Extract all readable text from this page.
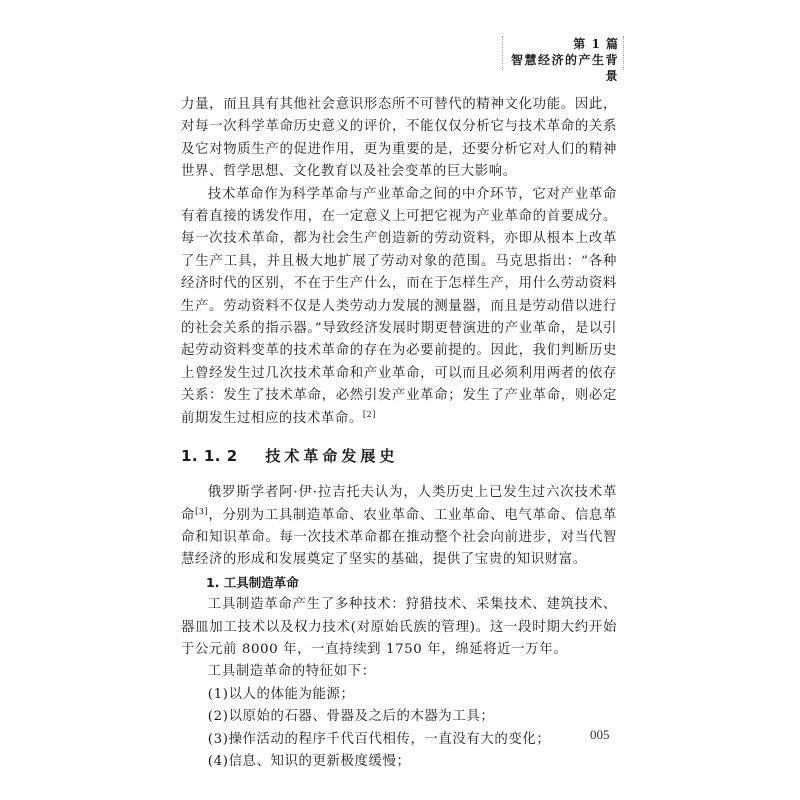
第 1 篇
智慧经济的产生背景

力量，而且具有其他社会意识形态所不可替代的精神文化功能。因此，对每一次科学革命历史意义的评价，不能仅仅分析它与技术革命的关系及它对物质生产的促进作用，更为重要的是，还要分析它对人们的精神世界、哲学思想、文化教育以及社会变革的巨大影响。

技术革命作为科学革命与产业革命之间的中介环节，它对产业革命有着直接的诱发作用，在一定意义上可把它视为产业革命的首要成分。每一次技术革命，都为社会生产创造新的劳动资料，亦即从根本上改革了生产工具，并且极大地扩展了劳动对象的范围。马克思指出：“各种经济时代的区别，不在于生产什么，而在于怎样生产，用什么劳动资料生产。劳动资料不仅是人类劳动力发展的测量器，而且是劳动借以进行的社会关系的指示器。”导致经济发展时期更替演进的产业革命，是以引起劳动资料变革的技术革命的存在为必要前提的。因此，我们判断历史上曾经发生过几次技术革命和产业革命，可以而且必须利用两者的依存关系：发生了技术革命，必然引发产业革命；发生了产业革命，则必定前期发生过相应的技术革命。[2]

1. 1. 2 技术革命发展史

俄罗斯学者阿·伊·拉吉托夫认为，人类历史上已发生过六次技术革命[3]，分别为工具制造革命、农业革命、工业革命、电气革命、信息革命和知识革命。每一次技术革命都在推动整个社会向前进步，对当代智慧经济的形成和发展奠定了坚实的基础，提供了宝贵的知识财富。

1. 工具制造革命

工具制造革命产生了多种技术：狩猎技术、采集技术、建筑技术、器皿加工技术以及权力技术(对原始氏族的管理)。这一段时期大约开始于公元前 8000 年，一直持续到 1750 年，绵延将近一万年。

工具制造革命的特征如下：

(1)以人的体能为能源；

(2)以原始的石器、骨器及之后的木器为工具；

(3)操作活动的程序千代百代相传，一直没有大的变化；

(4)信息、知识的更新极度缓慢；

005
